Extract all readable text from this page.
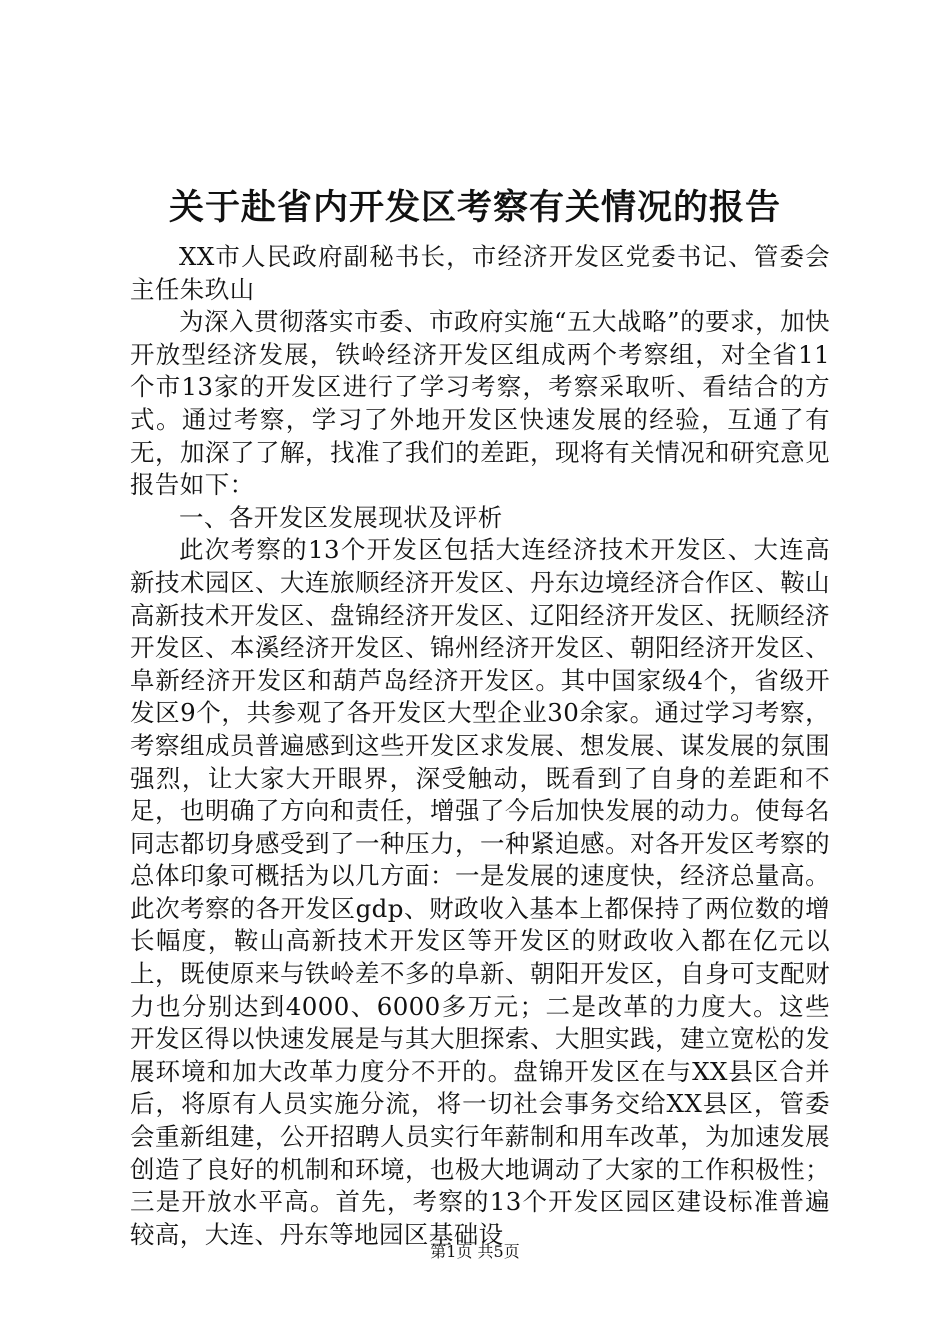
关于赴省内开发区考察有关情况的报告

XX市人民政府副秘书长，市经济开发区党委书记、管委会主任朱玖山

为深入贯彻落实市委、市政府实施“五大战略”的要求，加快开放型经济发展，铁岭经济开发区组成两个考察组，对全省11个市13家的开发区进行了学习考察，考察采取听、看结合的方式。通过考察，学习了外地开发区快速发展的经验，互通了有无，加深了了解，找准了我们的差距，现将有关情况和研究意见报告如下：

一、各开发区发展现状及评析

此次考察的13个开发区包括大连经济技术开发区、大连高新技术园区、大连旅顺经济开发区、丹东边境经济合作区、鞍山高新技术开发区、盘锦经济开发区、辽阳经济开发区、抚顺经济开发区、本溪经济开发区、锦州经济开发区、朝阳经济开发区、阜新经济开发区和葫芦岛经济开发区。其中国家级4个，省级开发区9个，共参观了各开发区大型企业30余家。通过学习考察，考察组成员普遍感到这些开发区求发展、想发展、谋发展的氛围强烈，让大家大开眼界，深受触动，既看到了自身的差距和不足，也明确了方向和责任，增强了今后加快发展的动力。使每名同志都切身感受到了一种压力，一种紧迫感。对各开发区考察的总体印象可概括为以几方面：一是发展的速度快，经济总量高。此次考察的各开发区gdp、财政收入基本上都保持了两位数的增长幅度，鞍山高新技术开发区等开发区的财政收入都在亿元以上，既使原来与铁岭差不多的阜新、朝阳开发区，自身可支配财力也分别达到4000、6000多万元；二是改革的力度大。这些开发区得以快速发展是与其大胆探索、大胆实践，建立宽松的发展环境和加大改革力度分不开的。盘锦开发区在与XX县区合并后，将原有人员实施分流，将一切社会事务交给XX县区，管委会重新组建，公开招聘人员实行年薪制和用车改革，为加速发展创造了良好的机制和环境，也极大地调动了大家的工作积极性；三是开放水平高。首先，考察的13个开发区园区建设标准普遍较高，大连、丹东等地园区基础设

第1页 共5页
